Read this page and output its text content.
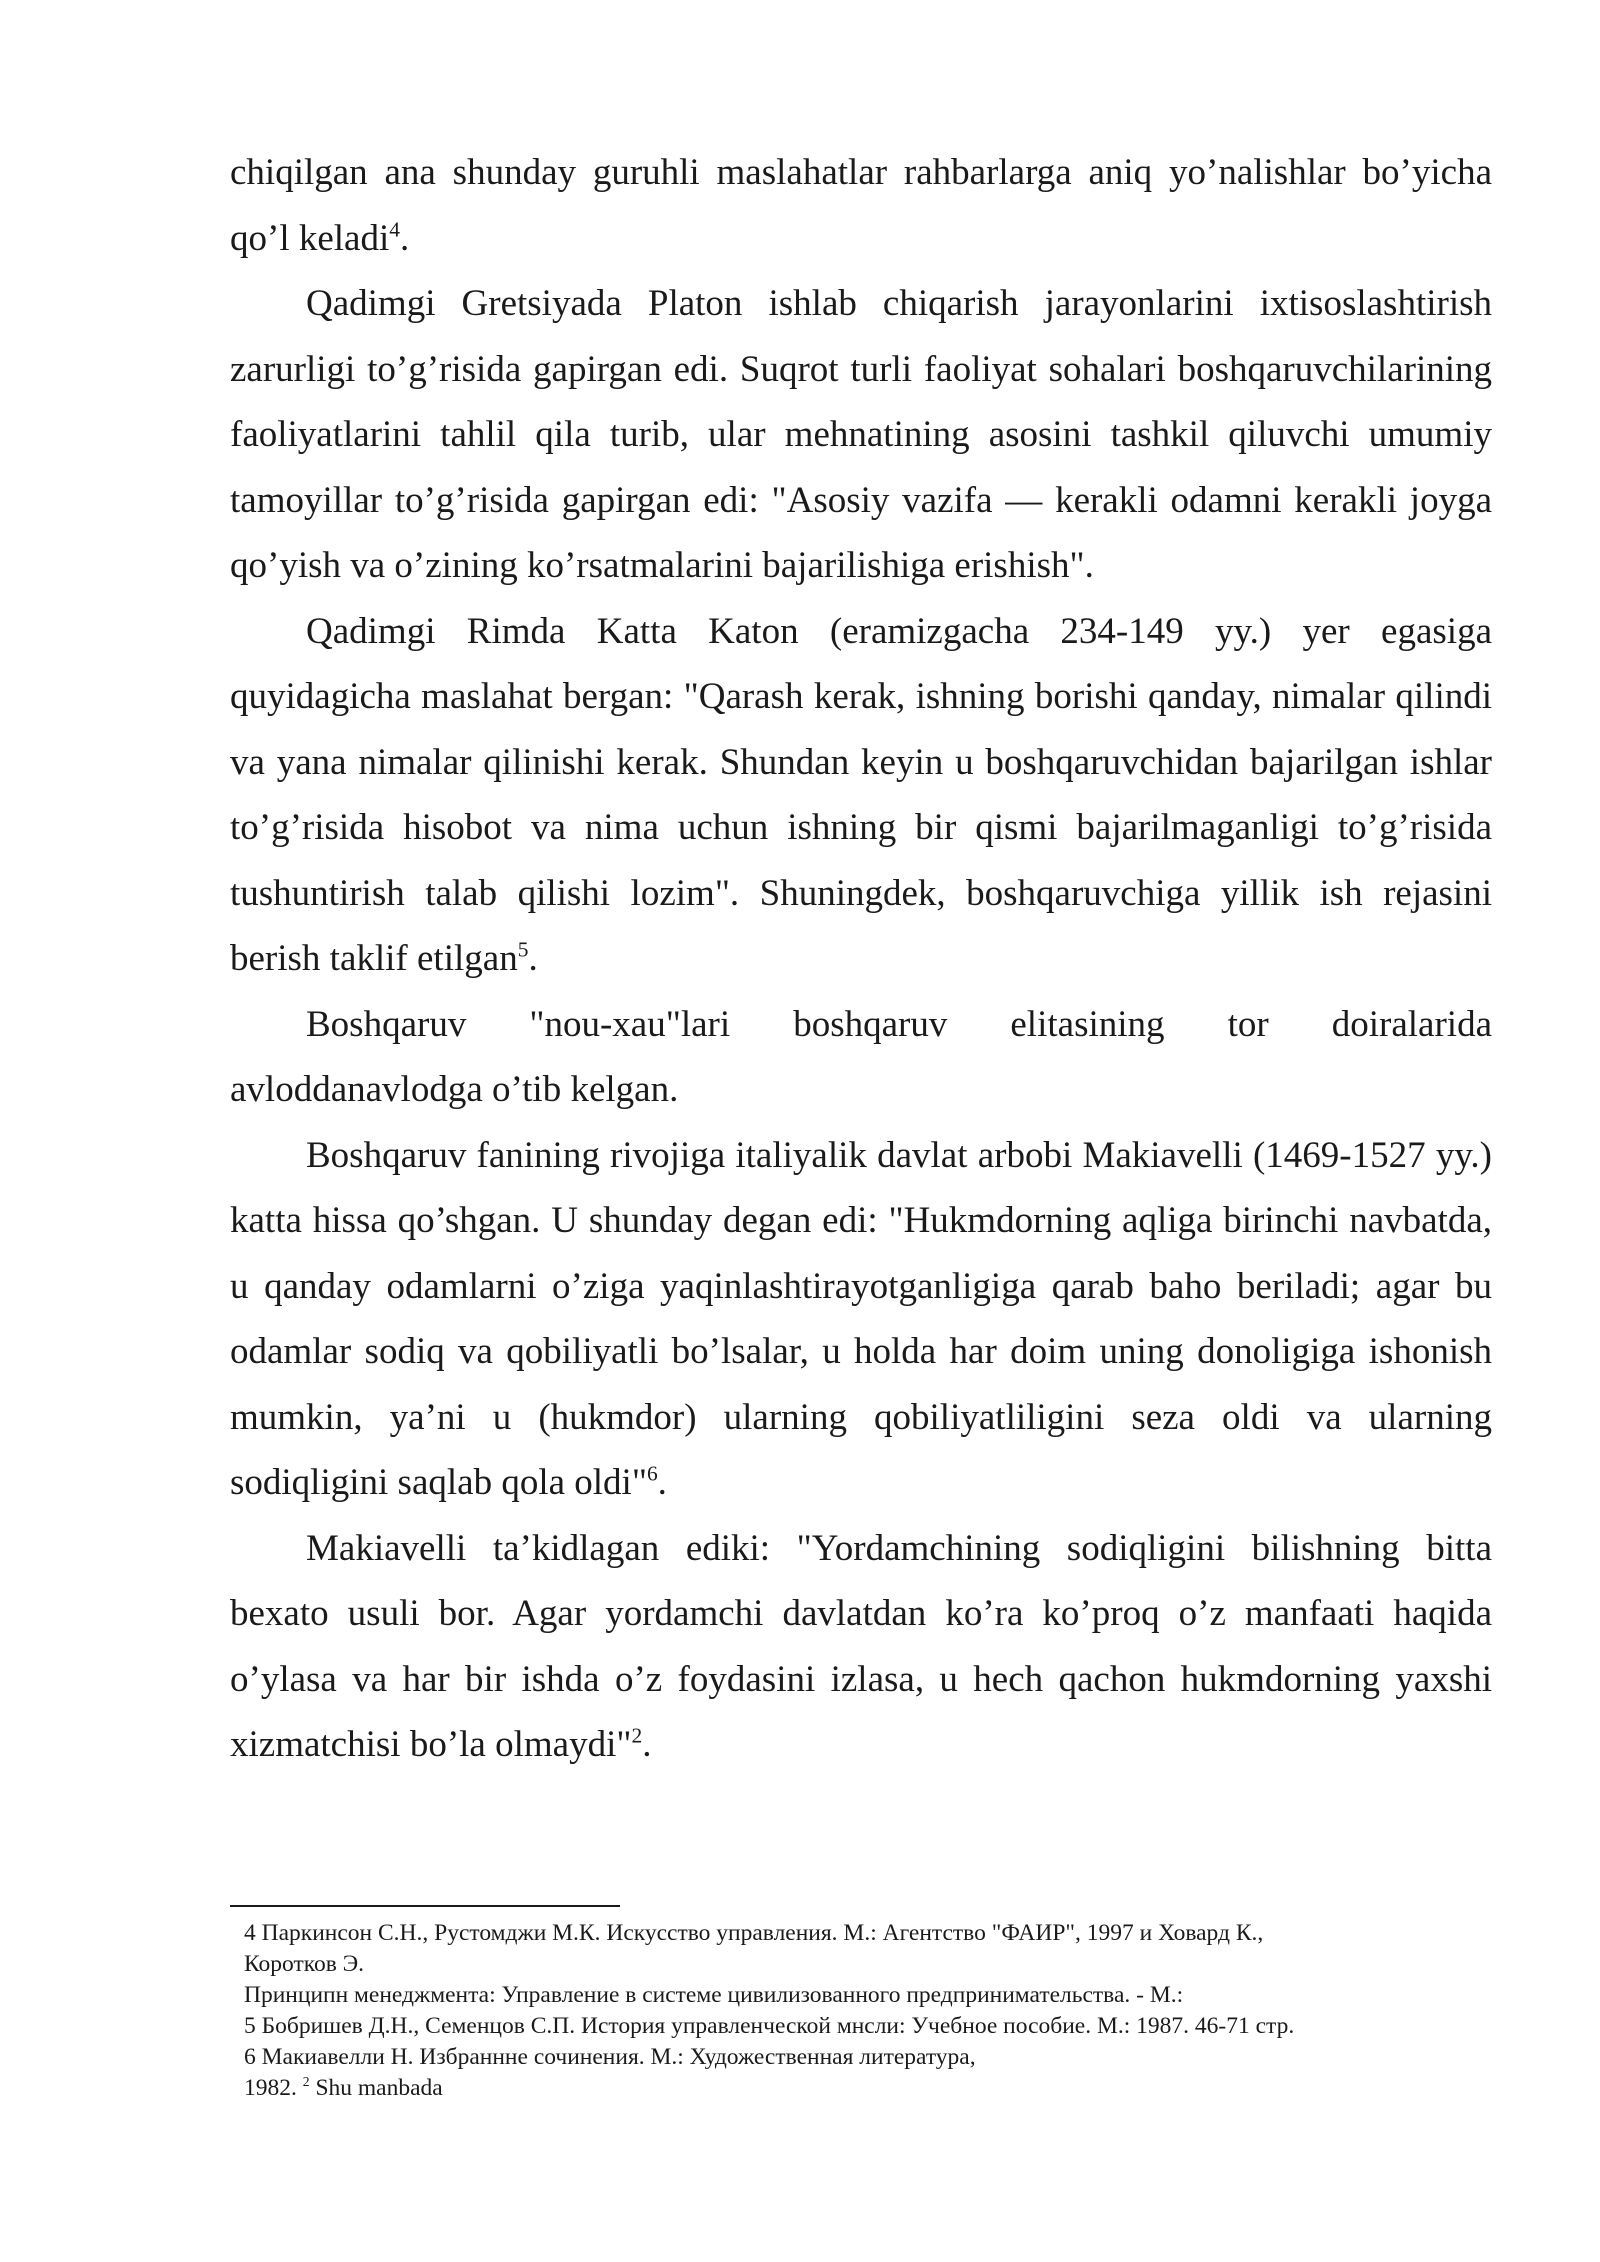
chiqilgan ana shunday guruhli maslahatlar rahbarlarga aniq yo’nalishlar bo’yicha qo’l keladi$^4$.

Qadimgi Gretsiyada Platon ishlab chiqarish jarayonlarini ixtisoslashtirish zarurligi to’g’risida gapirgan edi. Suqrot turli faoliyat sohalari boshqaruvchilarining faoliyatlarini tahlil qila turib, ular mehnatining asosini tashkil qiluvchi umumiy tamoyillar to’g’risida gapirgan edi: "Asosiy vazifa — kerakli odamni kerakli joyga qo’yish va o’zining ko’rsatmalarini bajarilishiga erishish".

Qadimgi Rimda Katta Katon (eramizgacha 234-149 yy.) yer egasiga quyidagicha maslahat bergan: "Qarash kerak, ishning borishi qanday, nimalar qilindi va yana nimalar qilinishi kerak. Shundan keyin u boshqaruvchidan bajarilgan ishlar to’g’risida hisobot va nima uchun ishning bir qismi bajarilmaganligi to’g’risida tushuntirish talab qilishi lozim". Shuningdek, boshqaruvchiga yillik ish rejasini berish taklif etilgan$^5$.

Boshqaruv "nou-xau"lari boshqaruv elitasining tor doiralarida

avloddanavlodga o’tib kelgan.

Boshqaruv fanining rivojiga italiyalik davlat arbobi Makiavelli (1469-1527 yy.) katta hissa qo’shgan. U shunday degan edi: "Hukmdorning aqliga birinchi navbatda, u qanday odamlarni o’ziga yaqinlashtirayotganligiga qarab baho beriladi; agar bu odamlar sodiq va qobiliyatli bo’lsalar, u holda har doim uning donoligiga ishonish mumkin, ya’ni u (hukmdor) ularning qobiliyatliligini seza oldi va ularning sodiqligini saqlab qola oldi"$^6$.

Makiavelli ta’kidlagan ediki: "Yordamchining sodiqligini bilishning bitta bexato usuli bor. Agar yordamchi davlatdan ko’ra ko’proq o’z manfaati haqida o’ylasa va har bir ishda o’z foydasini izlasa, u hech qachon hukmdorning yaxshi xizmatchisi bo’la olmaydi"$^2$.

4 Паркинсон С.Н., Рустомджи М.К. Искусство управления. М.: Агентство "ФАИР", 1997 и Ховард К.,
Коротков Э.
Принципн менеджмента: Управление в системе цивилизованного предпринимательства. - М.:
5 Бобришев Д.Н., Семенцов С.П. История управленческой мнсли: Учебное пособие. М.: 1987. 46-71 стр.
6 Макиавелли Н. Избраннне сочинения. М.: Художественная литература,
1982. $^2$ Shu manbada
